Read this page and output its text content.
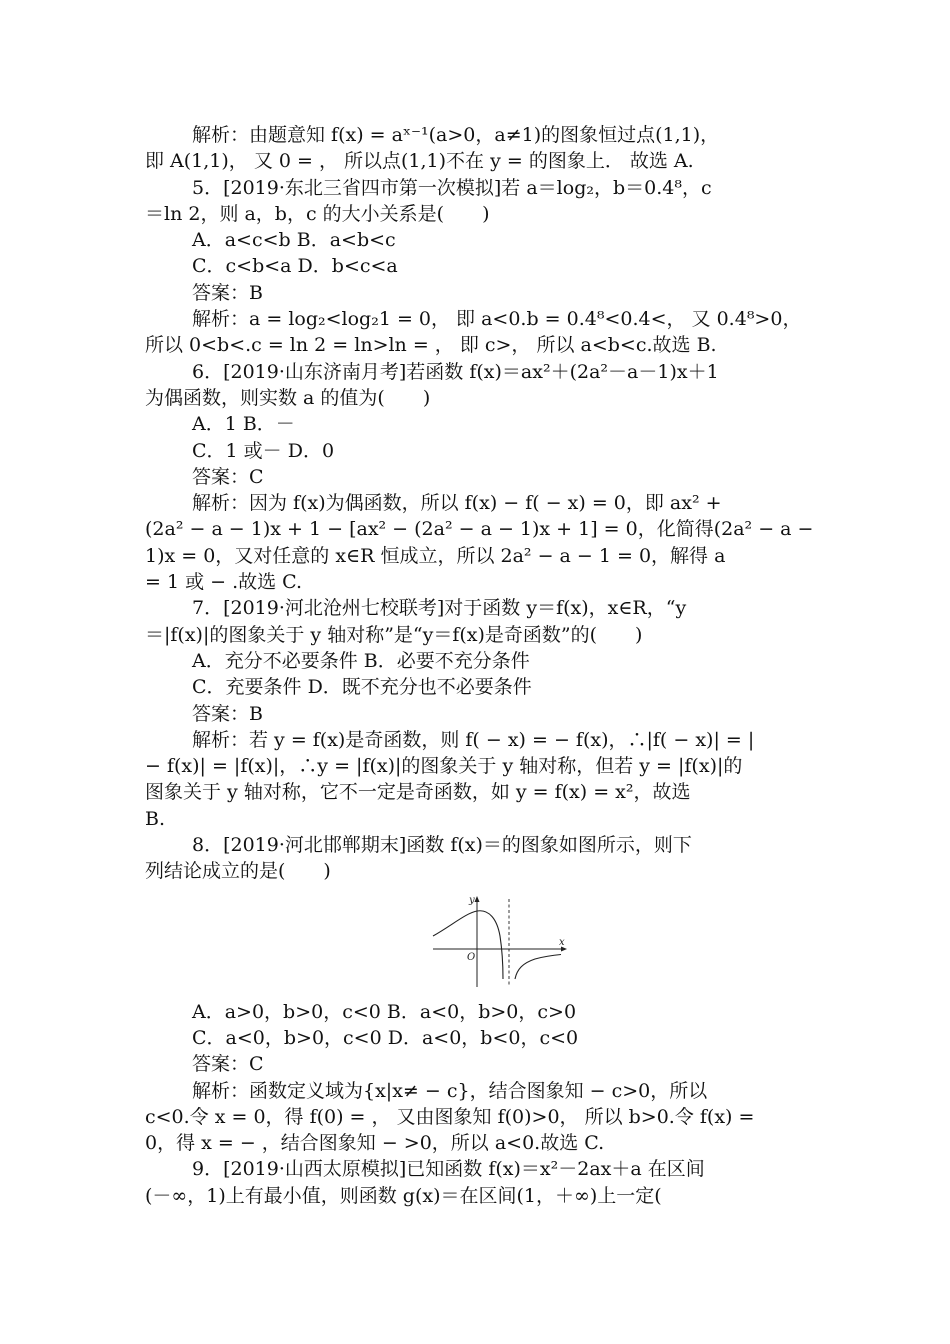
解析：由题意知 f(x) = aˣ⁻¹(a>0，a≠1)的图象恒过点(1,1)，
即 A(1,1)， 又 0 = ， 所以点(1,1)不在 y = 的图象上． 故选 A.
5．[2019·东北三省四市第一次模拟]若 a＝log₂，b＝0.4⁸，c
＝ln 2，则 a，b，c 的大小关系是(　　)
A．a<c<b B．a<b<c
C．c<b<a D．b<c<a
答案：B
解析：a = log₂<log₂1 = 0， 即 a<0.b = 0.4⁸<0.4<， 又 0.4⁸>0，
所以 0<b<.c = ln 2 = ln>ln = ， 即 c>， 所以 a<b<c.故选 B.
6．[2019·山东济南月考]若函数 f(x)＝ax²＋(2a²－a－1)x＋1
为偶函数，则实数 a 的值为(　　)
A．1 B．－
C．1 或－ D．0
答案：C
解析：因为 f(x)为偶函数，所以 f(x) − f( − x) = 0，即 ax² +
(2a² − a − 1)x + 1 − [ax² − (2a² − a − 1)x + 1] = 0，化简得(2a² − a −
1)x = 0，又对任意的 x∈R 恒成立，所以 2a² − a − 1 = 0，解得 a
= 1 或 − .故选 C.
7．[2019·河北沧州七校联考]对于函数 y＝f(x)，x∈R，“y
＝|f(x)|的图象关于 y 轴对称”是“y＝f(x)是奇函数”的(　　)
A．充分不必要条件 B．必要不充分条件
C．充要条件 D．既不充分也不必要条件
答案：B
解析：若 y = f(x)是奇函数，则 f( − x) = − f(x)，∴|f( − x)| = |
− f(x)| = |f(x)|，∴y = |f(x)|的图象关于 y 轴对称，但若 y = |f(x)|的
图象关于 y 轴对称，它不一定是奇函数，如 y = f(x) = x²，故选
B.
8．[2019·河北邯郸期末]函数 f(x)＝的图象如图所示，则下
列结论成立的是(　　)
y
x
O
A．a>0，b>0，c<0 B．a<0，b>0，c>0
C．a<0，b>0，c<0 D．a<0，b<0，c<0
答案：C
解析：函数定义域为{x|x≠ − c}，结合图象知 − c>0，所以
c<0.令 x = 0，得 f(0) = ， 又由图象知 f(0)>0， 所以 b>0.令 f(x) =
0，得 x = − ，结合图象知 − >0，所以 a<0.故选 C.
9．[2019·山西太原模拟]已知函数 f(x)＝x²－2ax＋a 在区间
(－∞，1)上有最小值，则函数 g(x)＝在区间(1，＋∞)上一定(
